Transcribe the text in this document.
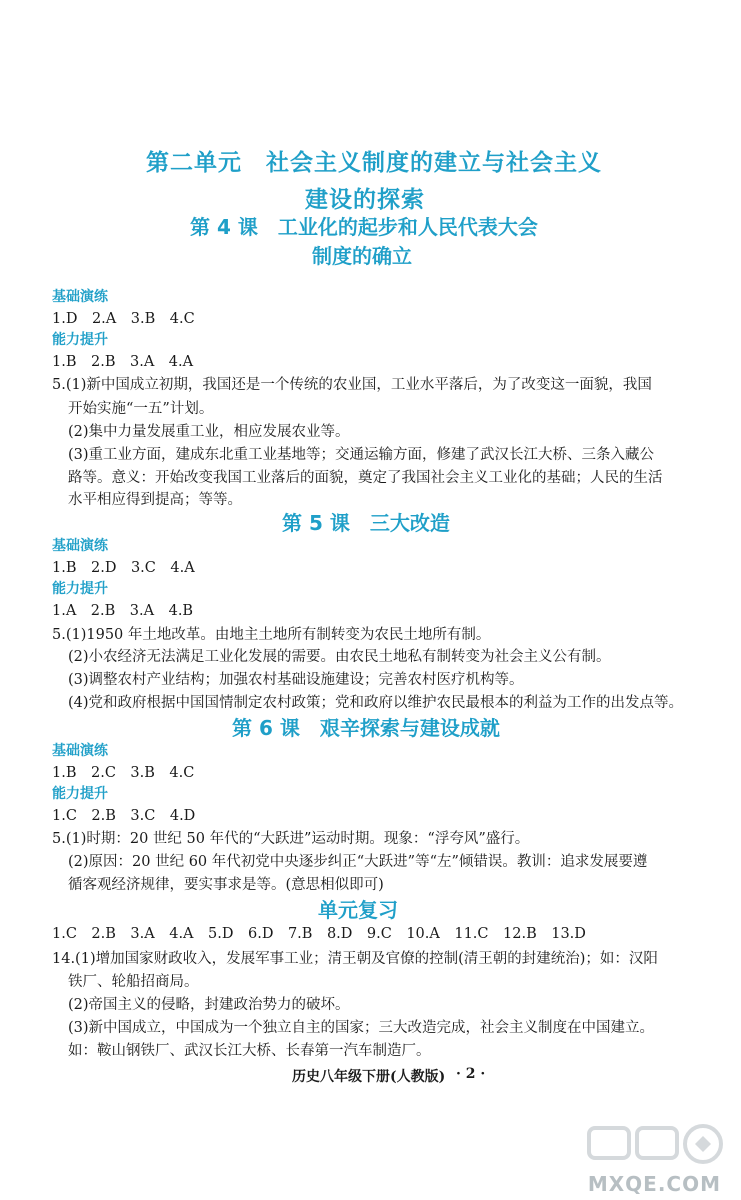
第二单元　社会主义制度的建立与社会主义
建设的探索
第 4 课　工业化的起步和人民代表大会
制度的确立
基础演练
1.D　2.A　3.B　4.C
能力提升
1.B　2.B　3.A　4.A
5.(1)新中国成立初期，我国还是一个传统的农业国，工业水平落后，为了改变这一面貌，我国
开始实施“一五”计划。
(2)集中力量发展重工业，相应发展农业等。
(3)重工业方面，建成东北重工业基地等；交通运输方面，修建了武汉长江大桥、三条入藏公
路等。意义：开始改变我国工业落后的面貌，奠定了我国社会主义工业化的基础；人民的生活
水平相应得到提高；等等。
第 5 课　三大改造
基础演练
1.B　2.D　3.C　4.A
能力提升
1.A　2.B　3.A　4.B
5.(1)1950 年土地改革。由地主土地所有制转变为农民土地所有制。
(2)小农经济无法满足工业化发展的需要。由农民土地私有制转变为社会主义公有制。
(3)调整农村产业结构；加强农村基础设施建设；完善农村医疗机构等。
(4)党和政府根据中国国情制定农村政策；党和政府以维护农民最根本的利益为工作的出发点等。
第 6 课　艰辛探索与建设成就
基础演练
1.B　2.C　3.B　4.C
能力提升
1.C　2.B　3.C　4.D
5.(1)时期：20 世纪 50 年代的“大跃进”运动时期。现象：“浮夸风”盛行。
(2)原因：20 世纪 60 年代初党中央逐步纠正“大跃进”等“左”倾错误。教训：追求发展要遵
循客观经济规律，要实事求是等。(意思相似即可)
单元复习
1.C　2.B　3.A　4.A　5.D　6.D　7.B　8.D　9.C　10.A　11.C　12.B　13.D
14.(1)增加国家财政收入，发展军事工业；清王朝及官僚的控制(清王朝的封建统治)；如：汉阳
铁厂、轮船招商局。
(2)帝国主义的侵略，封建政治势力的破坏。
(3)新中国成立，中国成为一个独立自主的国家；三大改造完成，社会主义制度在中国建立。
如：鞍山钢铁厂、武汉长江大桥、长春第一汽车制造厂。
历史八年级下册(人教版) · 2 ·
MXQE.COM
